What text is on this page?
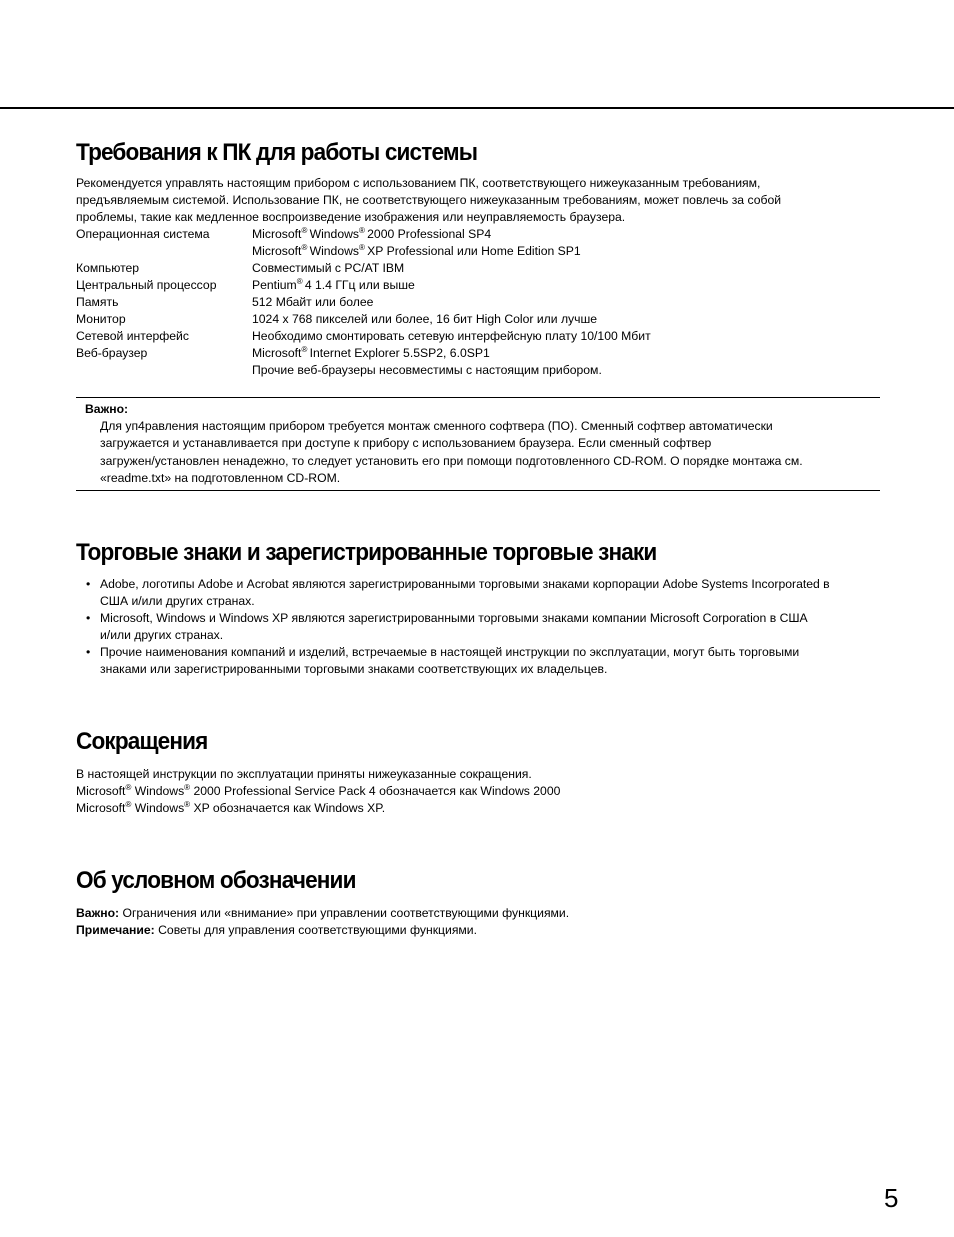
Требования к ПК для работы системы
Рекомендуется управлять настоящим прибором с использованием ПК, соответствующего нижеуказанным требованиям,
предъявляемым системой. Использование ПК, не соответствующего нижеуказанным требованиям, может повлечь за собой
проблемы, такие как медленное воспроизведение изображения или неуправляемость браузера.
Операционная система	Microsoft® Windows® 2000 Professional SP4
	Microsoft® Windows® XP Professional или Home Edition SP1
Компьютер	Совместимый с PC/AT IBM
Центральный процессор	Pentium® 4 1.4 ГГц или выше
Память	512 Мбайт или более
Монитор	1024 x 768 пикселей или более, 16 бит High Color или лучше
Сетевой интерфейс	Необходимо смонтировать сетевую интерфейсную плату 10/100 Мбит
Веб-браузер	Microsoft® Internet Explorer 5.5SP2, 6.0SP1
	Прочие веб-браузеры несовместимы с настоящим прибором.
Важно:
Для уп4равления настоящим прибором требуется монтаж сменного софтвера (ПО). Сменный софтвер автоматически
загружается и устанавливается при доступе к прибору с использованием браузера. Если сменный софтвер
загружен/установлен ненадежно, то следует установить его при помощи подготовленного CD-ROM. О порядке монтажа см.
«readme.txt» на подготовленном CD-ROM.
Торговые знаки и зарегистрированные торговые знаки
• Adobe, логотипы Adobe и Acrobat являются зарегистрированными торговыми знаками корпорации Adobe Systems Incorporated в
США и/или других странах.
• Microsoft, Windows и Windows XP являются зарегистрированными торговыми знаками компании Microsoft Corporation в США
и/или других странах.
• Прочие наименования компаний и изделий, встречаемые в настоящей инструкции по эксплуатации, могут быть торговыми
знаками или зарегистрированными торговыми знаками соответствующих их владельцев.
Сокращения
В настоящей инструкции по эксплуатации приняты нижеуказанные сокращения.
Microsoft® Windows® 2000 Professional Service Pack 4 обозначается как Windows 2000
Microsoft® Windows® XP обозначается как Windows XP.
Об условном обозначении
Важно: Ограничения или «внимание» при управлении соответствующими функциями.
Примечание: Советы для управления соответствующими функциями.
5
